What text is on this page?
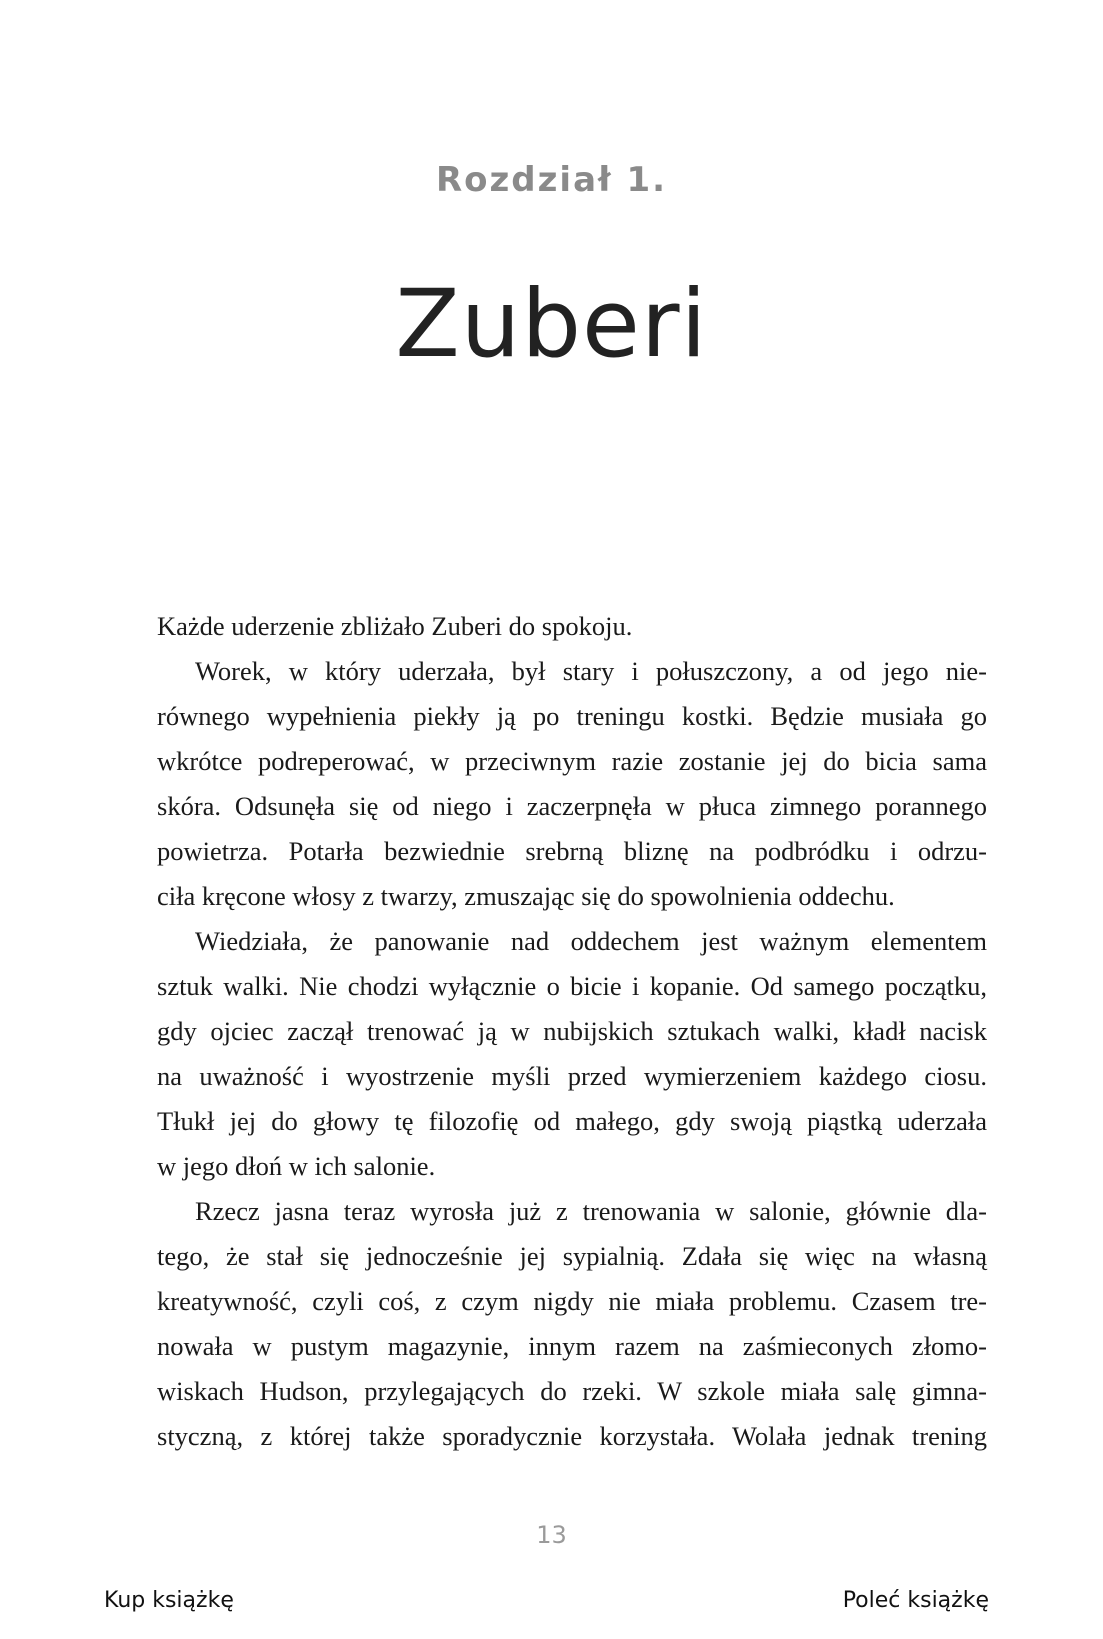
Rozdział 1.
Zuberi
Każde uderzenie zbliżało Zuberi do spokoju.
Worek, w który uderzała, był stary i połuszczony, a od jego nie-
równego wypełnienia piekły ją po treningu kostki. Będzie musiała go
wkrótce podreperować, w przeciwnym razie zostanie jej do bicia sama
skóra. Odsunęła się od niego i zaczerpnęła w płuca zimnego porannego
powietrza. Potarła bezwiednie srebrną bliznę na podbródku i odrzu-
ciła kręcone włosy z twarzy, zmuszając się do spowolnienia oddechu.
Wiedziała, że panowanie nad oddechem jest ważnym elementem
sztuk walki. Nie chodzi wyłącznie o bicie i kopanie. Od samego początku,
gdy ojciec zaczął trenować ją w nubijskich sztukach walki, kładł nacisk
na uważność i wyostrzenie myśli przed wymierzeniem każdego ciosu.
Tłukł jej do głowy tę filozofię od małego, gdy swoją piąstką uderzała
w jego dłoń w ich salonie.
Rzecz jasna teraz wyrosła już z trenowania w salonie, głównie dla-
tego, że stał się jednocześnie jej sypialnią. Zdała się więc na własną
kreatywność, czyli coś, z czym nigdy nie miała problemu. Czasem tre-
nowała w pustym magazynie, innym razem na zaśmieconych złomo-
wiskach Hudson, przylegających do rzeki. W szkole miała salę gimna-
styczną, z której także sporadycznie korzystała. Wolała jednak trening
13
Kup książkę	Poleć książkę
